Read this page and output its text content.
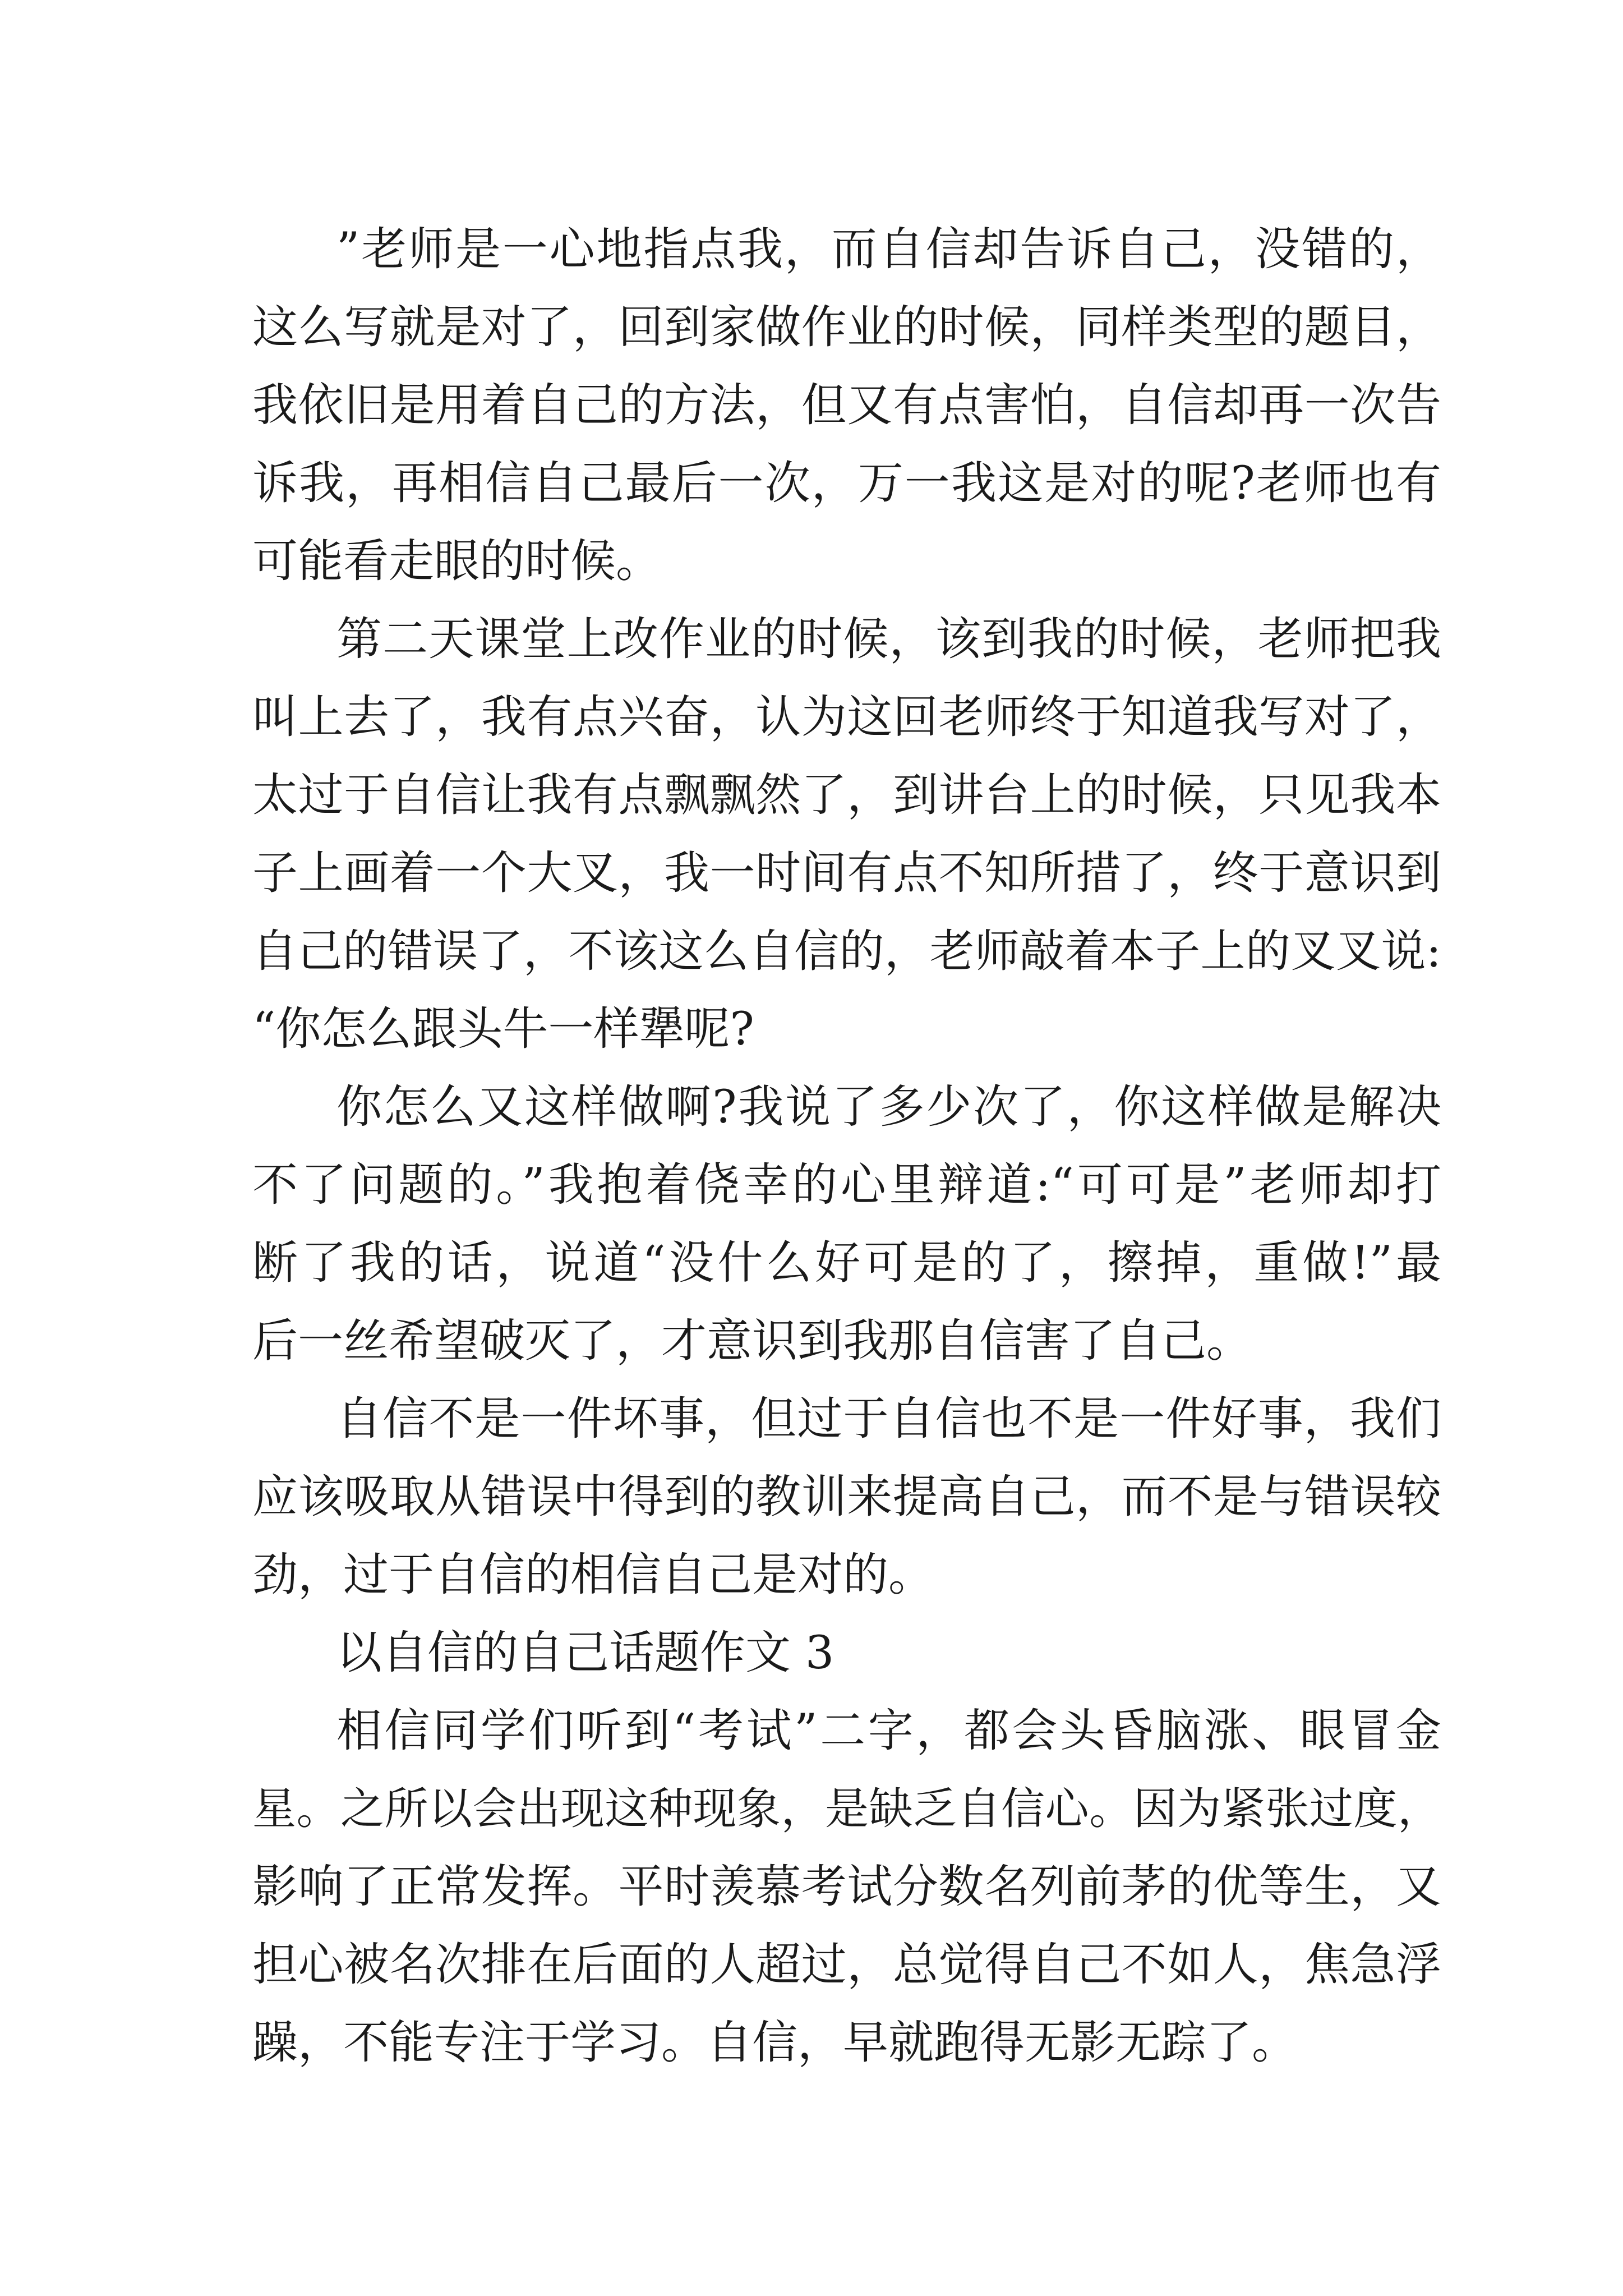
”老师是一心地指点我，而自信却告诉自己，没错的，
这么写就是对了，回到家做作业的时候，同样类型的题目，
我依旧是用着自己的方法，但又有点害怕，自信却再一次告
诉我，再相信自己最后一次，万一我这是对的呢?老师也有
可能看走眼的时候。
第二天课堂上改作业的时候，该到我的时候，老师把我
叫上去了，我有点兴奋，认为这回老师终于知道我写对了，
太过于自信让我有点飘飘然了，到讲台上的时候，只见我本
子上画着一个大叉，我一时间有点不知所措了，终于意识到
自己的错误了，不该这么自信的，老师敲着本子上的叉叉说:
“你怎么跟头牛一样犟呢?
你怎么又这样做啊?我说了多少次了，你这样做是解决
不了问题的。”我抱着侥幸的心里辩道:“可可是”老师却打
断了我的话，说道“没什么好可是的了，擦掉，重做!”最
后一丝希望破灭了，才意识到我那自信害了自己。
自信不是一件坏事，但过于自信也不是一件好事，我们
应该吸取从错误中得到的教训来提高自己，而不是与错误较
劲，过于自信的相信自己是对的。
以自信的自己话题作文 3
相信同学们听到“考试”二字，都会头昏脑涨、眼冒金
星。之所以会出现这种现象，是缺乏自信心。因为紧张过度，
影响了正常发挥。平时羡慕考试分数名列前茅的优等生，又
担心被名次排在后面的人超过，总觉得自己不如人，焦急浮
躁，不能专注于学习。自信，早就跑得无影无踪了。
